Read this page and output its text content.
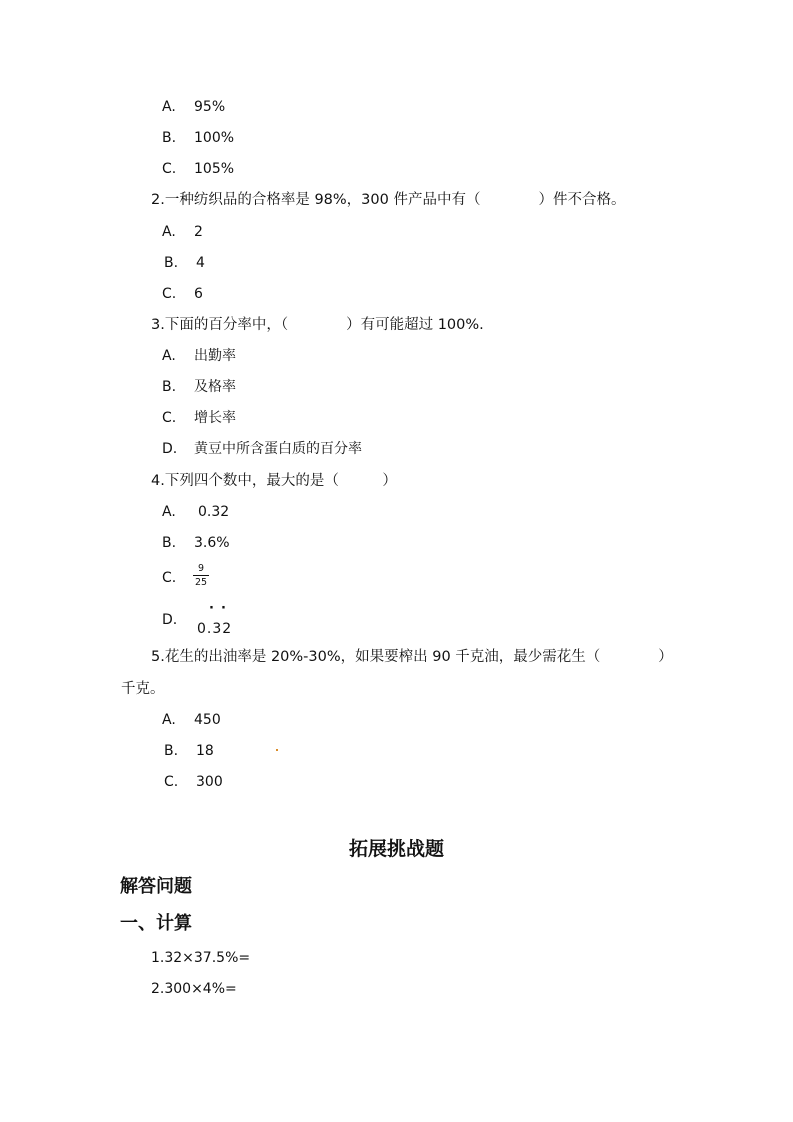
A. 95%
B. 100%
C. 105%
2.一种纺织品的合格率是 98%，300 件产品中有（　　　　）件不合格。
A. 2
B. 4
C. 6
3.下面的百分率中，（　　　　）有可能超过 100%.
A. 出勤率
B. 及格率
C. 增长率
D. 黄豆中所含蛋白质的百分率
4.下列四个数中，最大的是（　　　）
A. 0.32
B. 3.6%
C.
9
25
D.
··
0.32
5.花生的出油率是 20%-30%，如果要榨出 90 千克油，最少需花生（　　　　）
千克。
A. 450
B. 18
C. 300
拓展挑战题
解答问题
一、计算
1.32×37.5%=
2.300×4%=
